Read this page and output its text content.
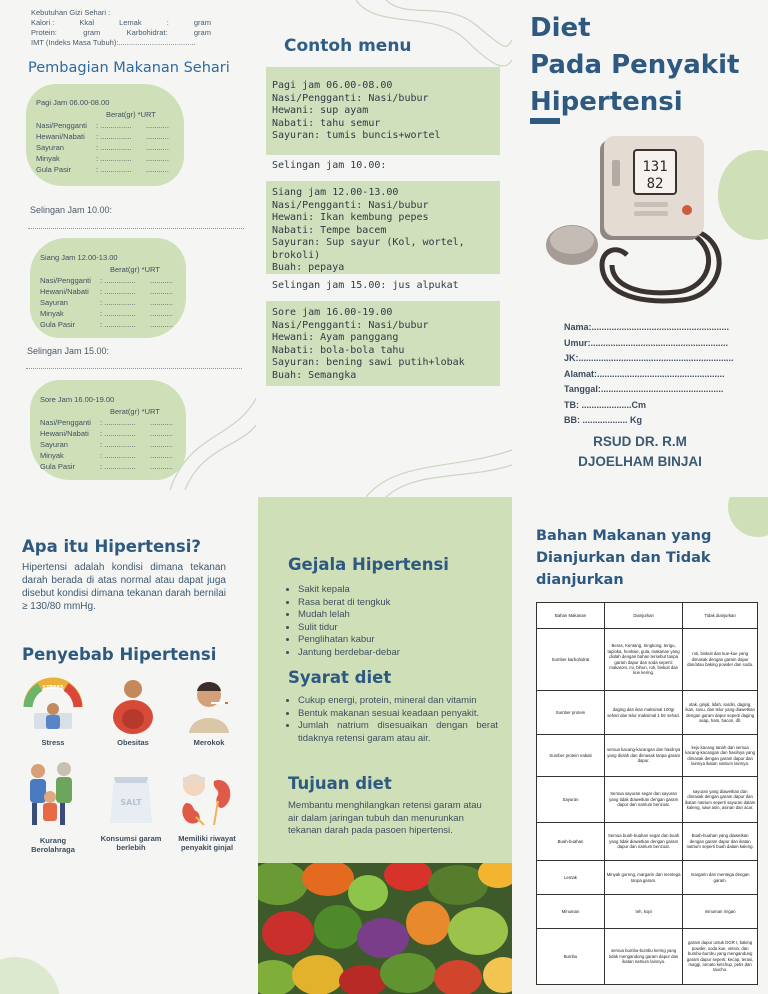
Kebutuhan Gizi Sehari :
Kalori :	Kkal	Lemak	:	gram
Protein:	gram	Karbohidrat:	gram
IMT (Indeks Masa Tubuh):.....................................
Pembagian Makanan Sehari
Pagi Jam 06.00-08.00
Berat(gr) *URT
Nasi/Pengganti	: ...............	...........
Hewani/Nabati	: ...............	...........
Sayuran	: ...............	...........
Minyak	: ...............	...........
Gula Pasir	: ...............	...........
Selingan Jam 10.00:
Siang Jam 12.00-13.00
Berat(gr) *URT
Nasi/Pengganti	: ...............	...........
Hewani/Nabati	: ...............	...........
Sayuran	: ...............	...........
Minyak	: ...............	...........
Gula Pasir	: ...............	...........
Selingan Jam 15.00:
Sore Jam 16.00-19.00
Berat(gr) *URT
Nasi/Pengganti	: ...............	...........
Hewani/Nabati	: ...............	...........
Sayuran	: ...............	...........
Minyak	: ...............	...........
Gula Pasir	: ...............	...........
Contoh menu
Pagi jam 06.00-08.00
Nasi/Pengganti: Nasi/bubur
Hewani: sup ayam
Nabati: tahu semur
Sayuran: tumis buncis+wortel
Selingan jam 10.00:
Siang jam 12.00-13.00
Nasi/Pengganti: Nasi/bubur
Hewani: Ikan kembung pepes
Nabati: Tempe bacem
Sayuran: Sup sayur (Kol, wortel, brokoli)
Buah: pepaya
Selingan jam 15.00: jus alpukat
Sore jam 16.00-19.00
Nasi/Pengganti: Nasi/bubur
Hewani: Ayam panggang
Nabati: bola-bola tahu
Sayuran: bening sawi putih+lobak
Buah: Semangka
Diet
Pada Penyakit
Hipertensi
131
82
Nama:.......................................................
Umur:.......................................................
JK:..............................................................
Alamat:...................................................
Tanggal:.................................................
TB: ....................Cm
BB: .................. Kg
RSUD DR. R.M
DJOELHAM BINJAI
Apa itu Hipertensi?
Hipertensi adalah kondisi dimana tekanan darah berada di atas normal atau dapat juga disebut kondisi dimana tekanan darah bernilai ≥ 130/80 mmHg.
Penyebab Hipertensi
STRESS
Stress	Obesitas	Merokok
Kurang Berolahraga
SALT
Konsumsi garam berlebih
Memiliki riwayat penyakit ginjal
Gejala Hipertensi
• Sakit kepala
• Rasa berat di tengkuk
• Mudah lelah
• Sulit tidur
• Penglihatan kabur
• Jantung berdebar-debar
Syarat diet
• Cukup energi, protein, mineral dan vitamin
• Bentuk makanan sesuai keadaan penyakit.
• Jumlah natrium disesuaikan dengan berat tidaknya retensi garam atau air.
Tujuan diet
Membantu menghilangkan retensi garam atau air dalam jaringan tubuh dan menurunkan tekanan darah pada pasoen hipertensi.
Bahan Makanan yang Dianjurkan dan Tidak dianjurkan
Bahan Makanan	Dianjurkan	Tidak dianjurkan
Sumber karbohidrat	Beras, Kentang, Singkong, terigu, tapioka, hunkwe, gula, makanan yang diolah dengan bahan tersebut tanpa garam dapur dan soda seperti: makaroni, mi, bihun, roti, biskuit dan kue kering.	roti, biskuit dan kue-kue yang dimasak dengan garam dapur dan/atau baking powder dan soda.
Sumber protein	daging dan ikan maksimal 100gr sehari dan telur maksimal 1 btr sehari.	otak, ginjal, lidah, sardin, daging, ikan, susu, dan telur yang diawetkan dengan garam dapur seperti daging asap, ham, bacon, dll.
Sumber protein nabati	semua kacang-kacangan dan hasilnya yang diolah dan dimasak tanpa garam dapur.	keju kacang tanah dan semua kacang-kacangan dan hasilnya yang dimasak dengan garam dapur dan lainnya ikatan natrium lainnya.
Sayuran	Semua sayuran segar dan sayuran yang tidak diawetkan dengan garam dapur dan natrium benzoat.	sayuran yang diawetkan dan dimasak dengan garam dapur dan ikatan natrium seperti sayuran dalam kaleng, sawi asin, asinan dan acar.
Buah-buahan	Semua buah-buahan segar dan buah yang tidak diawetkan dengan garam dapur dan natrium benzoat.	Buah-buahan yang diawetkan dengan garam dapur dan ikatan natrium seperti buah dalam kaleng.
Lemak	Minyak goreng, margarin dan mentega tanpa garam.	margarin dan mentega dengan garam.
Minuman	teh, kopi	minuman ringan
Bumbu	semua bumbu-bumbu kering yang tidak mengandung garam dapur dan ikatan natrium lainnya.	garam dapur untuk DGR I, baking powder, soda kue, vetsin, dan bumbu-bumbu yang mengandung garam dapur seperti: kecap, terasi, maggi, tomato ketchup, petis dan taucho.
